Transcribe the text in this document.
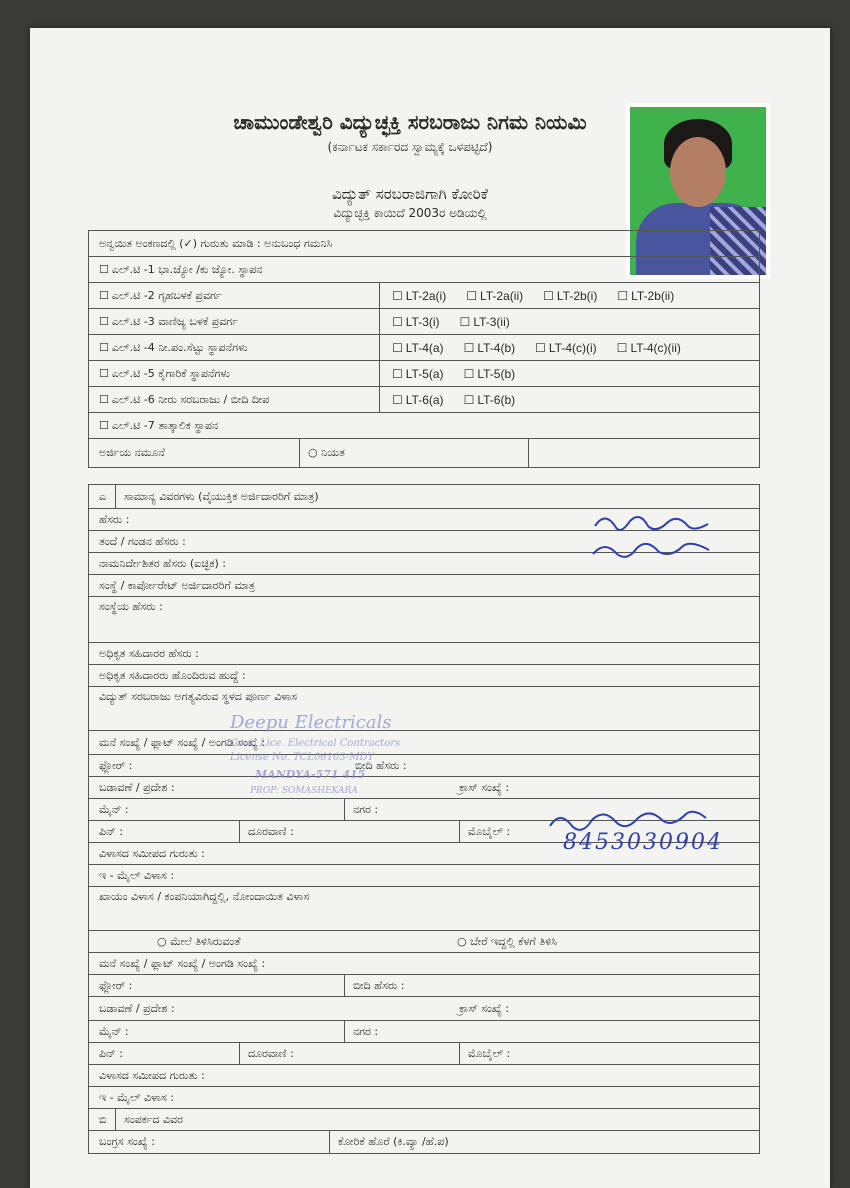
ಚಾಮುಂಡೇಶ್ವರಿ ವಿದ್ಯುಚ್ಛಕ್ತಿ ಸರಬರಾಜು ನಿಗಮ ನಿಯಮಿ
(ಕರ್ನಾಟಕ ಸರ್ಕಾರದ ಸ್ವಾಮ್ಯಕ್ಕೆ ಒಳಪಟ್ಟಿದೆ)
ವಿದ್ಯುತ್ ಸರಬರಾಜಿಗಾಗಿ ಕೋರಿಕೆ
ವಿದ್ಯುಚ್ಛಕ್ತಿ ಕಾಯಿದೆ 2003ರ ಅಡಿಯಲ್ಲಿ
ಅನ್ವಯಿತ ಅಂಕಣದಲ್ಲಿ (✓) ಗುರುತು ಮಾಡಿ : ಅನುಬಂಧ ಗಮನಿಸಿ
☐ ಎಲ್.ಟಿ -1 ಭಾ.ಜ್ಯೋ /ಕು ಜ್ಯೋ. ಸ್ಥಾಪನ
☐ ಎಲ್.ಟಿ -2 ಗೃಹಬಳಕೆ ಪ್ರವರ್ಗ	☐ LT-2a(i)	☐ LT-2a(ii)	☐ LT-2b(i)	☐ LT-2b(ii)
☐ ಎಲ್.ಟಿ -3 ವಾಣಿಜ್ಯ ಬಳಕೆ ಪ್ರವರ್ಗ	☐ LT-3(i)	☐ LT-3(ii)
☐ ಎಲ್.ಟಿ -4 ನೀ.ಪಂ.ಸೆಟ್ಟು ಸ್ಥಾಪನೆಗಳು	☐ LT-4(a)	☐ LT-4(b)	☐ LT-4(c)(i)	☐ LT-4(c)(ii)
☐ ಎಲ್.ಟಿ -5 ಕೈಗಾರಿಕೆ ಸ್ಥಾಪನೆಗಳು	☐ LT-5(a)	☐ LT-5(b)
☐ ಎಲ್.ಟಿ -6 ನೀರು ಸರಬರಾಜು / ಬೀದಿ ದೀಪ	☐ LT-6(a)	☐ LT-6(b)
☐ ಎಲ್.ಟಿ -7 ತಾತ್ಕಾಲಿಕ ಸ್ಥಾಪನ
ಅರ್ಜಿಯ ನಮೂನೆ	○ ನಿಯತ
ಎ	ಸಾಮಾನ್ಯ ವಿವರಗಳು (ವೈಯುಕ್ತಿಕ ಅರ್ಜಿದಾರರಿಗೆ ಮಾತ್ರ)
ಹೆಸರು :
ತಂದೆ / ಗಂಡನ ಹೆಸರು :
ನಾಮನಿರ್ದೇಶಿತರ ಹೆಸರು (ಐಚ್ಛಿಕ) :
ಸಂಸ್ಥೆ / ಕಾರ್ಪೋರೇಟ್ ಅರ್ಜಿದಾರರಿಗೆ ಮಾತ್ರ
ಸಂಸ್ಥೆಯ ಹೆಸರು :
ಅಧಿಕೃತ ಸಹಿದಾರರ ಹೆಸರು :
ಅಧಿಕೃತ ಸಹಿದಾರರು ಹೊಂದಿರುವ ಹುದ್ದೆ :
ವಿದ್ಯುತ್ ಸರಬರಾಜು ಅಗತ್ಯವಿರುವ ಸ್ಥಳದ ಪೂರ್ಣ ವಿಳಾಸ
ಮನೆ ಸಂಖ್ಯೆ / ಫ್ಲಾಟ್ ಸಂಖ್ಯೆ / ಅಂಗಡಿ ಸಂಖ್ಯೆ :
ಫ್ಲೋರ್ :	ಬೀದಿ ಹೆಸರು :
ಬಡಾವಣೆ / ಪ್ರದೇಶ :	ಕ್ರಾಸ್ ಸಂಖ್ಯೆ :
ಮೈನ್ :	ನಗರ :
ಪಿನ್ :	ದೂರವಾಣಿ :	ಮೊಬೈಲ್ :
ವಿಳಾಸದ ಸಮೀಪದ ಗುರುತು :
ಇ - ಮೈಲ್ ವಿಳಾಸ :
ಖಾಯಂ ವಿಳಾಸ / ಕಂಪನಿಯಾಗಿದ್ದಲ್ಲಿ, ನೋಂದಾಯಿತ ವಿಳಾಸ
○ ಮೇಲೆ ತಿಳಿಸಿರುವಂತೆ	○ ಬೇರೆ ಇದ್ದಲ್ಲಿ ಕೆಳಗೆ ತಿಳಿಸಿ
ಮನೆ ಸಂಖ್ಯೆ / ಫ್ಲಾಟ್ ಸಂಖ್ಯೆ / ಅಂಗಡಿ ಸಂಖ್ಯೆ :
ಫ್ಲೋರ್ :	ಬೀದಿ ಹೆಸರು :
ಬಡಾವಣೆ / ಪ್ರದೇಶ :	ಕ್ರಾಸ್ ಸಂಖ್ಯೆ :
ಮೈನ್ :	ನಗರ :
ಪಿನ್ :	ದೂರವಾಣಿ :	ಮೊಬೈಲ್ :
ವಿಳಾಸದ ಸಮೀಪದ ಗುರುತು :
ಇ - ಮೈಲ್ ವಿಳಾಸ :
ಬಿ	ಸಂಪರ್ಕದ ವಿವರ
ಬಂಗ್ರಸ ಸಂಖ್ಯೆ :	ಕೋರಿಕೆ ಹೊರೆ (ಕಿ.ವ್ಯಾ /ಹೆ.ಪ)
Deepu Electricals
Govt. Lice. Electrical Contractors
License No. TCL06103-MDY
MANDYA-571 415
PROP: SOMASHEKARA
8453030904
